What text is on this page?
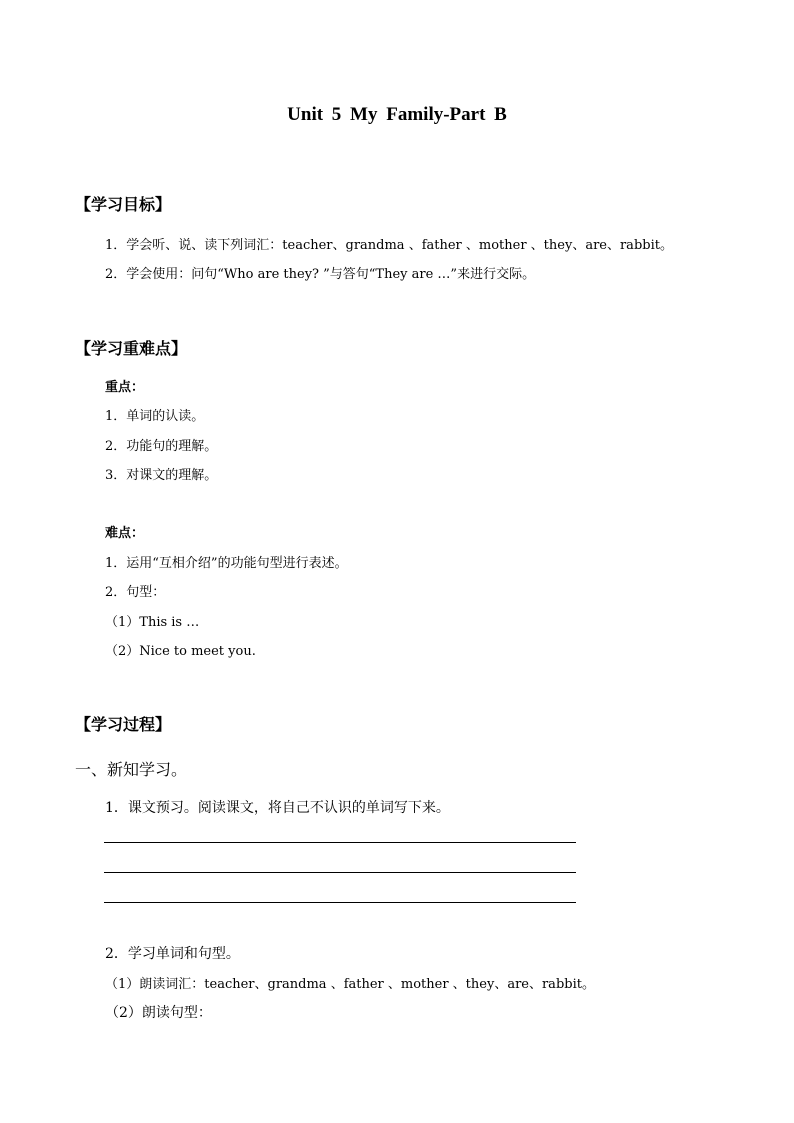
Unit 5 My Family-Part B
【学习目标】
1．学会听、说、读下列词汇：teacher、grandma 、father 、mother 、they、are、rabbit。
2．学会使用：问句“Who are they? ”与答句“They are …”来进行交际。
【学习重难点】
重点：
1．单词的认读。
2．功能句的理解。
3．对课文的理解。
难点：
1．运用“互相介绍”的功能句型进行表述。
2．句型：
（1）This is …
（2）Nice to meet you.
【学习过程】
一、新知学习。
1．课文预习。阅读课文，将自己不认识的单词写下来。
2．学习单词和句型。
（1）朗读词汇：teacher、grandma 、father 、mother 、they、are、rabbit。
（2）朗读句型：
